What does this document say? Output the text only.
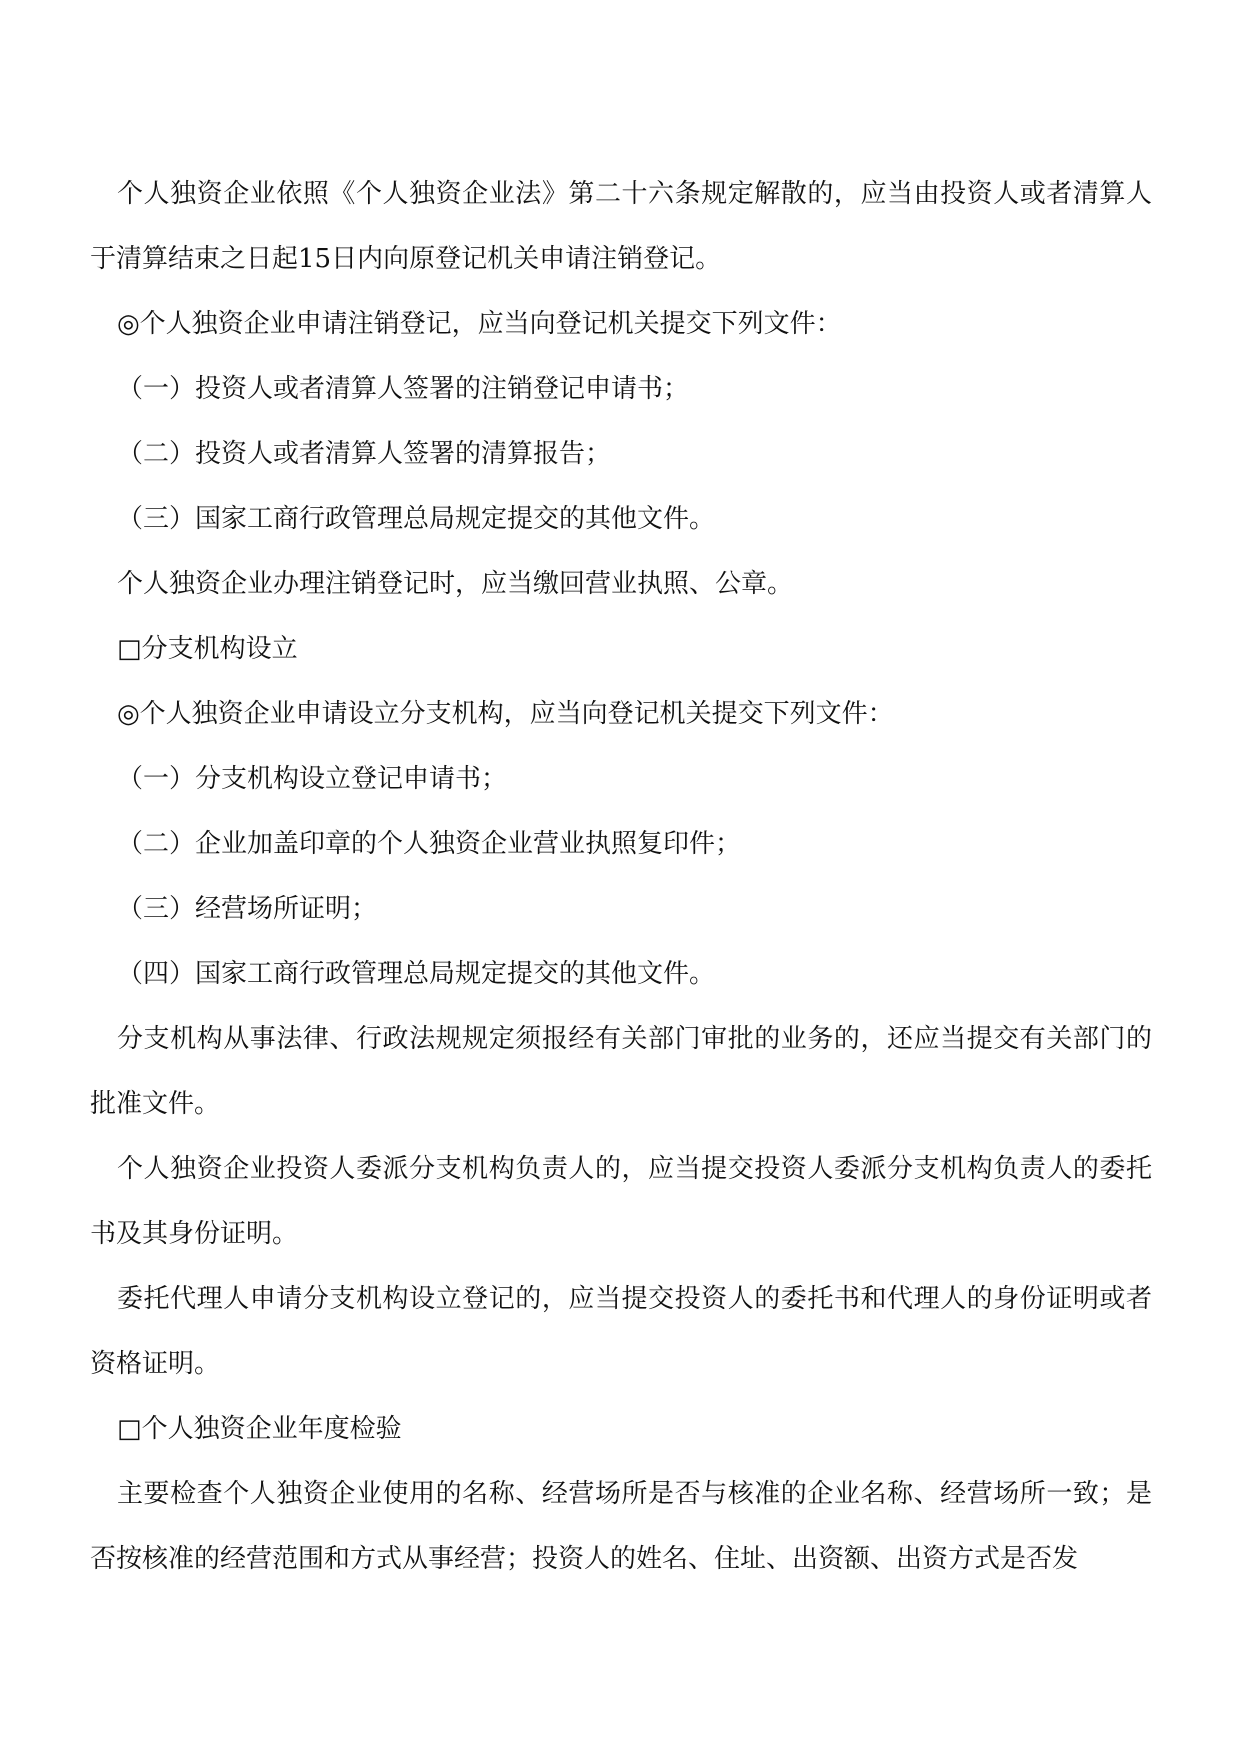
个人独资企业依照《个人独资企业法》第二十六条规定解散的，应当由投资人或者清算人于清算结束之日起15日内向原登记机关申请注销登记。

◎个人独资企业申请注销登记，应当向登记机关提交下列文件：

（一）投资人或者清算人签署的注销登记申请书；

（二）投资人或者清算人签署的清算报告；

（三）国家工商行政管理总局规定提交的其他文件。

个人独资企业办理注销登记时，应当缴回营业执照、公章。

□分支机构设立

◎个人独资企业申请设立分支机构，应当向登记机关提交下列文件：

（一）分支机构设立登记申请书；

（二）企业加盖印章的个人独资企业营业执照复印件；

（三）经营场所证明；

（四）国家工商行政管理总局规定提交的其他文件。

分支机构从事法律、行政法规规定须报经有关部门审批的业务的，还应当提交有关部门的批准文件。

个人独资企业投资人委派分支机构负责人的，应当提交投资人委派分支机构负责人的委托书及其身份证明。

委托代理人申请分支机构设立登记的，应当提交投资人的委托书和代理人的身份证明或者资格证明。

□个人独资企业年度检验

主要检查个人独资企业使用的名称、经营场所是否与核准的企业名称、经营场所一致；是否按核准的经营范围和方式从事经营；投资人的姓名、住址、出资额、出资方式是否发
